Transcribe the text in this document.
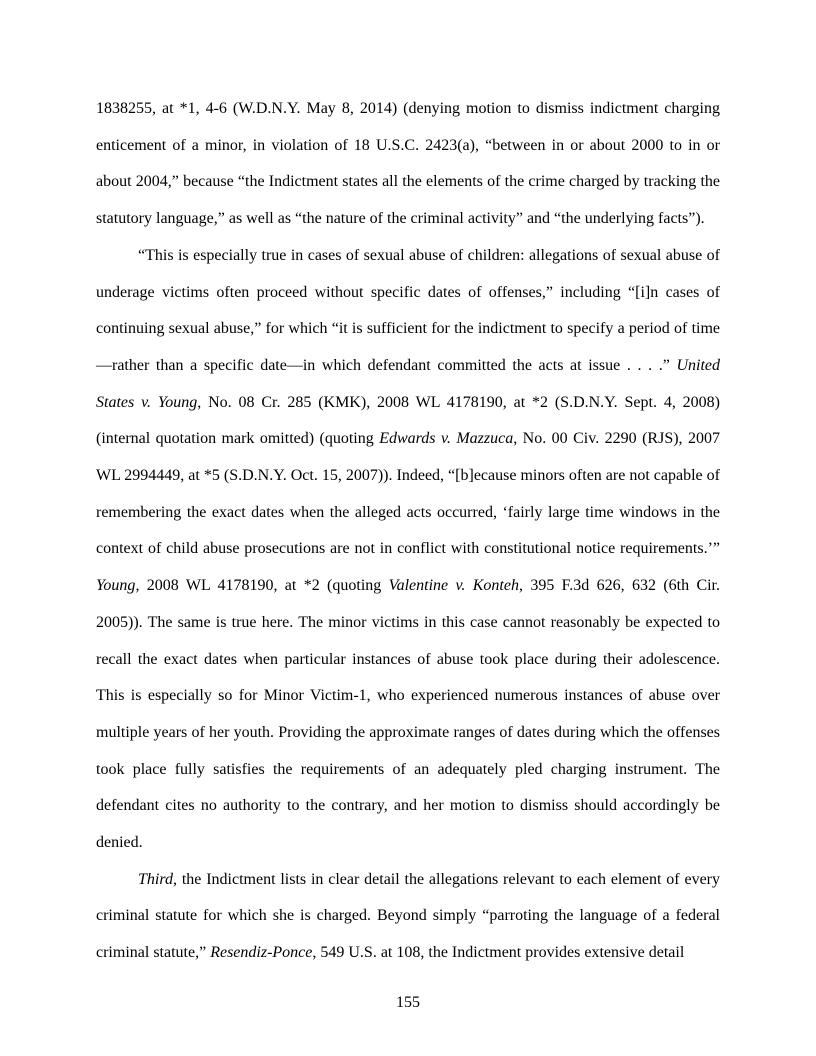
1838255, at *1, 4-6 (W.D.N.Y. May 8, 2014) (denying motion to dismiss indictment charging enticement of a minor, in violation of 18 U.S.C. 2423(a), “between in or about 2000 to in or about 2004,” because “the Indictment states all the elements of the crime charged by tracking the statutory language,” as well as “the nature of the criminal activity” and “the underlying facts”).

“This is especially true in cases of sexual abuse of children: allegations of sexual abuse of underage victims often proceed without specific dates of offenses,” including “[i]n cases of continuing sexual abuse,” for which “it is sufficient for the indictment to specify a period of time—rather than a specific date—in which defendant committed the acts at issue . . . .” United States v. Young, No. 08 Cr. 285 (KMK), 2008 WL 4178190, at *2 (S.D.N.Y. Sept. 4, 2008) (internal quotation mark omitted) (quoting Edwards v. Mazzuca, No. 00 Civ. 2290 (RJS), 2007 WL 2994449, at *5 (S.D.N.Y. Oct. 15, 2007)). Indeed, “[b]ecause minors often are not capable of remembering the exact dates when the alleged acts occurred, ‘fairly large time windows in the context of child abuse prosecutions are not in conflict with constitutional notice requirements.’” Young, 2008 WL 4178190, at *2 (quoting Valentine v. Konteh, 395 F.3d 626, 632 (6th Cir. 2005)). The same is true here. The minor victims in this case cannot reasonably be expected to recall the exact dates when particular instances of abuse took place during their adolescence. This is especially so for Minor Victim-1, who experienced numerous instances of abuse over multiple years of her youth. Providing the approximate ranges of dates during which the offenses took place fully satisfies the requirements of an adequately pled charging instrument. The defendant cites no authority to the contrary, and her motion to dismiss should accordingly be denied.

Third, the Indictment lists in clear detail the allegations relevant to each element of every criminal statute for which she is charged. Beyond simply “parroting the language of a federal criminal statute,” Resendiz-Ponce, 549 U.S. at 108, the Indictment provides extensive detail

155
